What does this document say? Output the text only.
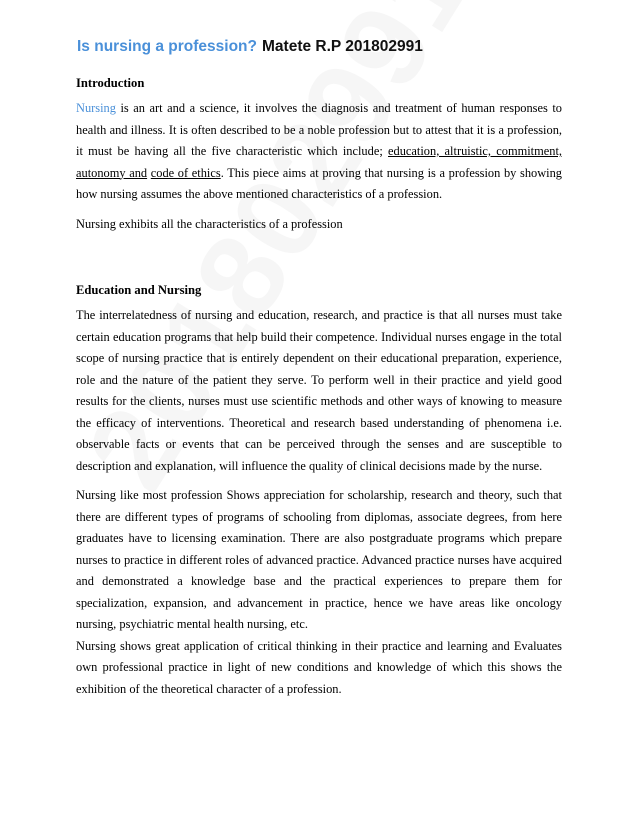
Is nursing a profession? Matete R.P 201802991
Introduction

Nursing is an art and a science, it involves the diagnosis and treatment of human responses to health and illness. It is often described to be a noble profession but to attest that it is a profession, it must be having all the five characteristic which include; education, altruistic, commitment, autonomy and code of ethics. This piece aims at proving that nursing is a profession by showing how nursing assumes the above mentioned characteristics of a profession.

Nursing exhibits all the characteristics of a profession

Education and Nursing

The interrelatedness of nursing and education, research, and practice is that all nurses must take certain education programs that help build their competence. Individual nurses engage in the total scope of nursing practice that is entirely dependent on their educational preparation, experience, role and the nature of the patient they serve. To perform well in their practice and yield good results for the clients, nurses must use scientific methods and other ways of knowing to measure the efficacy of interventions. Theoretical and research based understanding of phenomena i.e. observable facts or events that can be perceived through the senses and are susceptible to description and explanation, will influence the quality of clinical decisions made by the nurse.

Nursing like most profession Shows appreciation for scholarship, research and theory, such that there are different types of programs of schooling from diplomas, associate degrees, from here graduates have to licensing examination. There are also postgraduate programs which prepare nurses to practice in different roles of advanced practice. Advanced practice nurses have acquired and demonstrated a knowledge base and the practical experiences to prepare them for specialization, expansion, and advancement in practice, hence we have areas like oncology nursing, psychiatric mental health nursing, etc.

Nursing shows great application of critical thinking in their practice and learning and Evaluates own professional practice in light of new conditions and knowledge of which this shows the exhibition of the theoretical character of a profession.
